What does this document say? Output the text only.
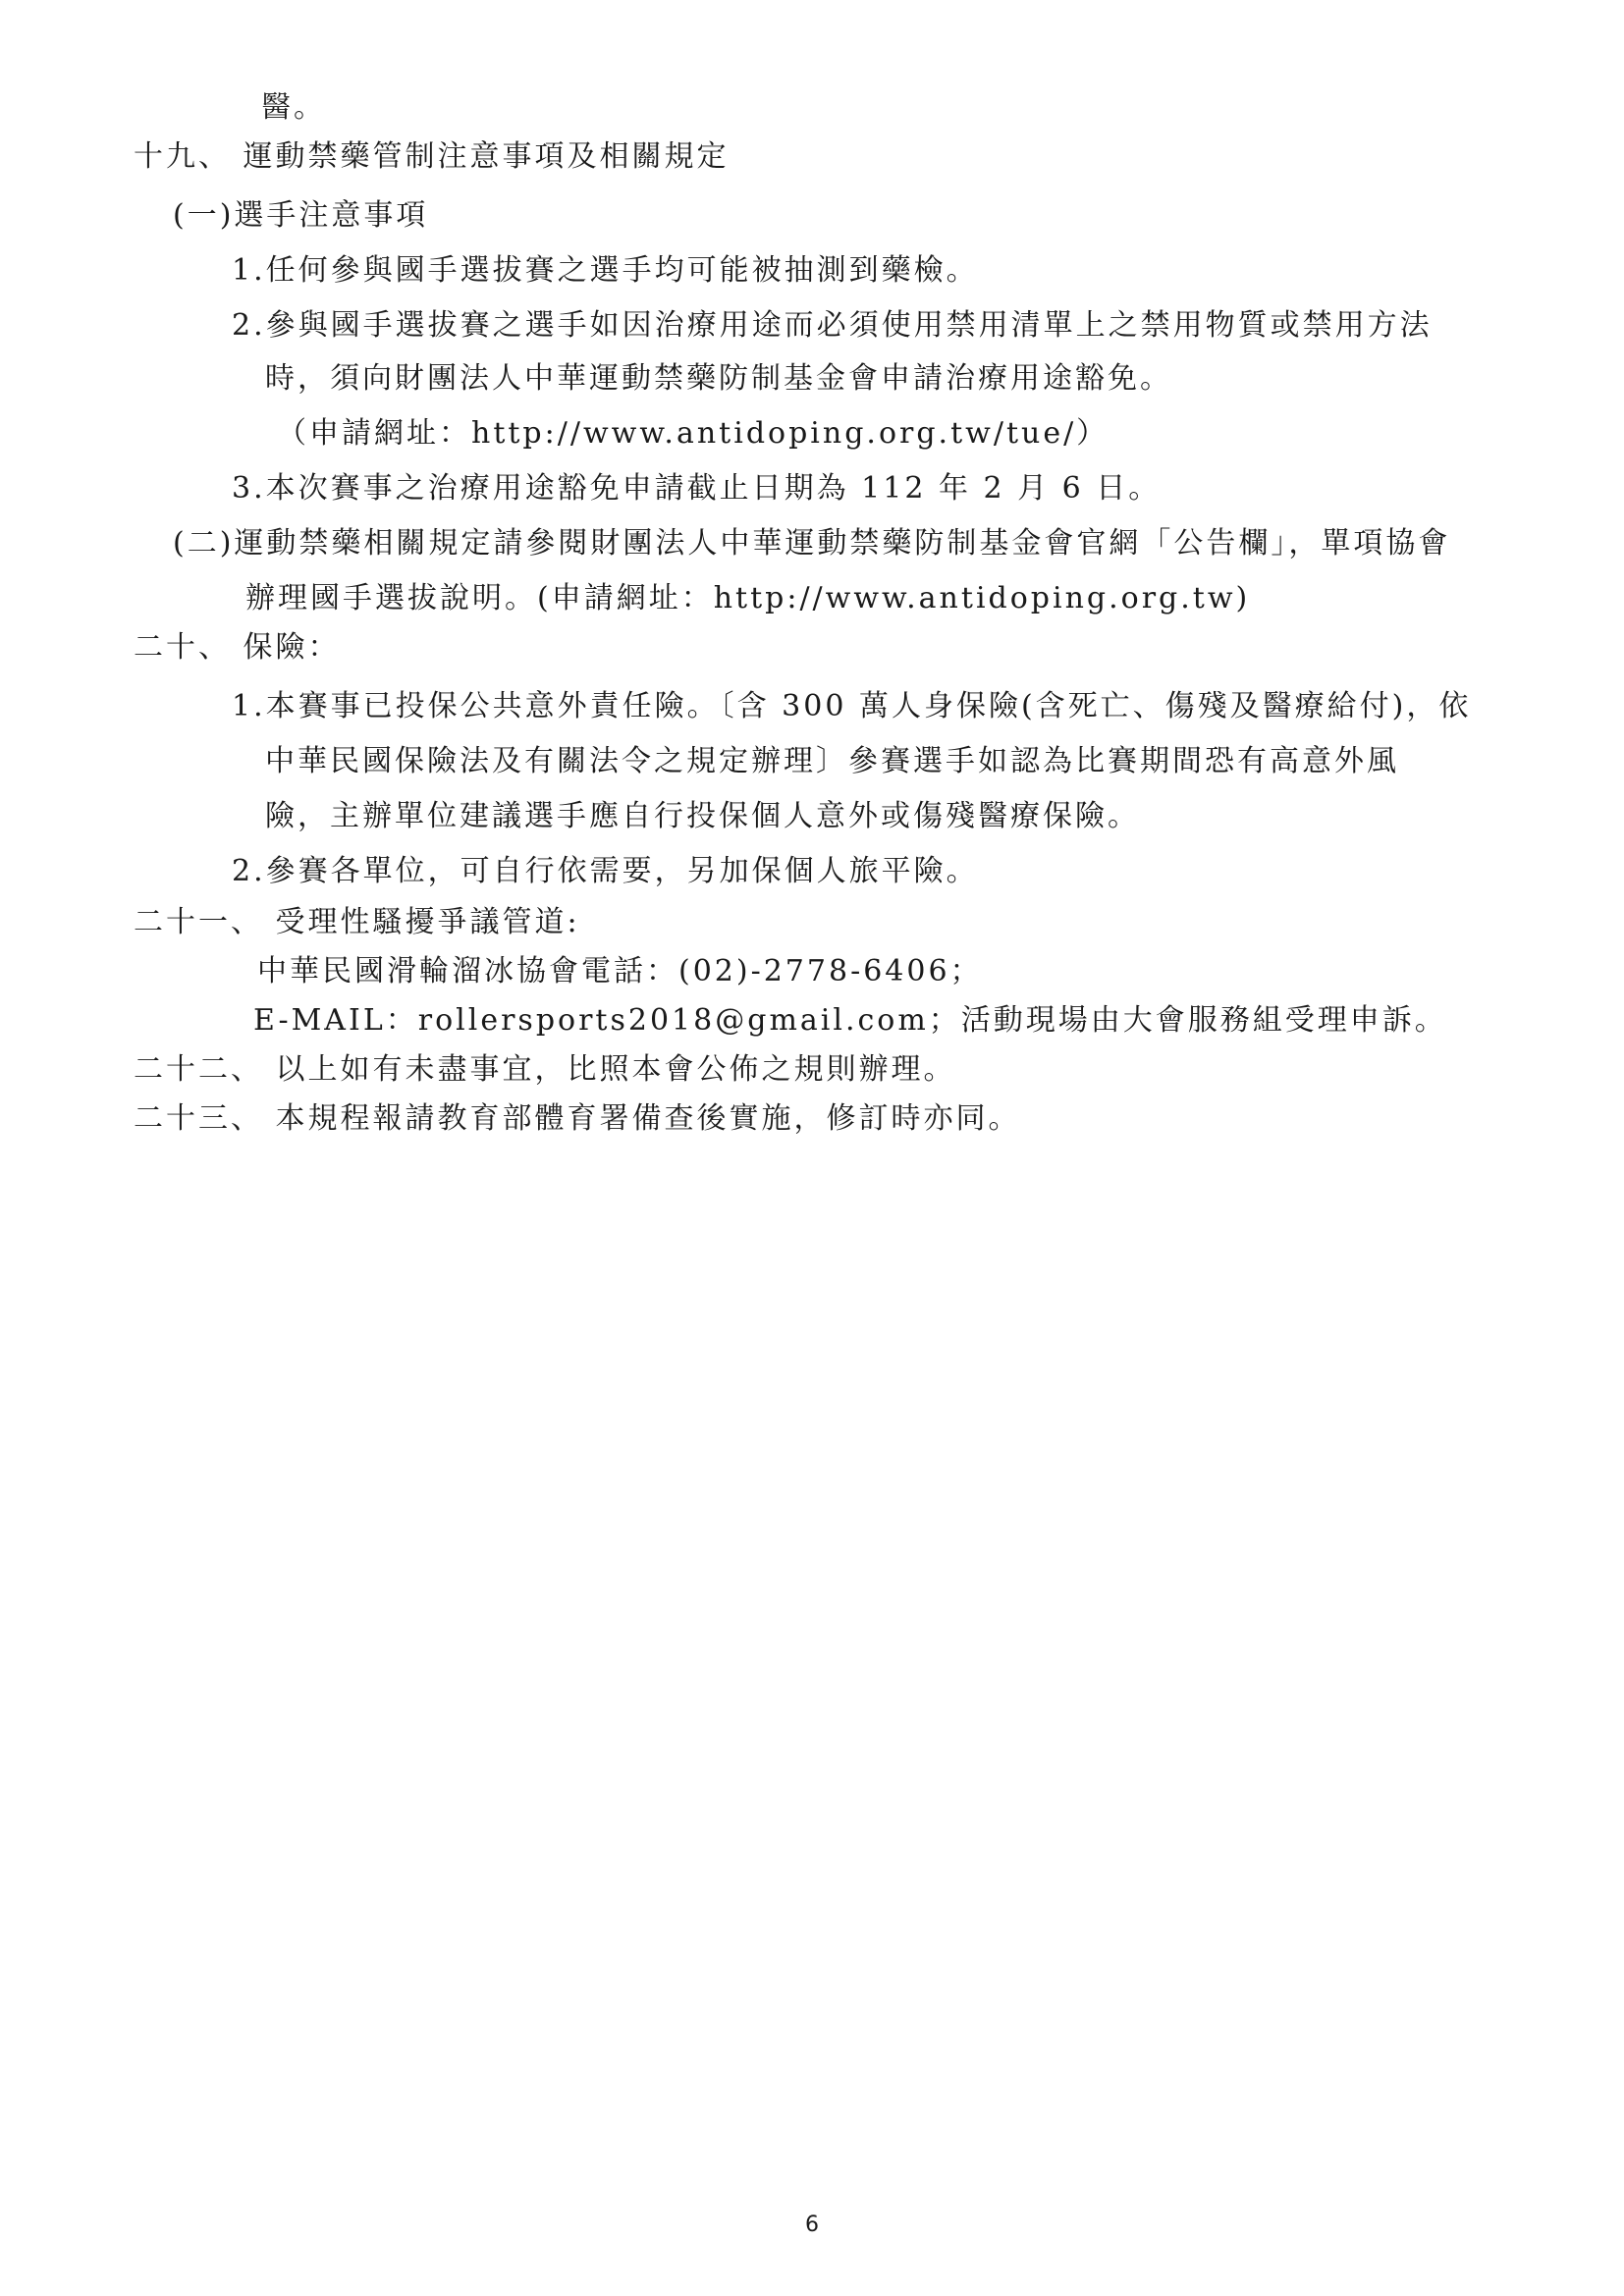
醫。
十九、 運動禁藥管制注意事項及相關規定
(一)選手注意事項
1.任何參與國手選拔賽之選手均可能被抽測到藥檢。
2.參與國手選拔賽之選手如因治療用途而必須使用禁用清單上之禁用物質或禁用方法
時，須向財團法人中華運動禁藥防制基金會申請治療用途豁免。
（申請網址：http://www.antidoping.org.tw/tue/）
3.本次賽事之治療用途豁免申請截止日期為 112 年 2 月 6 日。
(二)運動禁藥相關規定請參閱財團法人中華運動禁藥防制基金會官網「公告欄」，單項協會
辦理國手選拔說明。(申請網址：http://www.antidoping.org.tw)
二十、 保險：
1.本賽事已投保公共意外責任險。〔含 300 萬人身保險(含死亡、傷殘及醫療給付)，依
中華民國保險法及有關法令之規定辦理〕參賽選手如認為比賽期間恐有高意外風
險，主辦單位建議選手應自行投保個人意外或傷殘醫療保險。
2.參賽各單位，可自行依需要，另加保個人旅平險。
二十一、 受理性騷擾爭議管道:
中華民國滑輪溜冰協會電話：(02)-2778-6406；
E-MAIL：rollersports2018@gmail.com；活動現場由大會服務組受理申訴。
二十二、 以上如有未盡事宜，比照本會公佈之規則辦理。
二十三、 本規程報請教育部體育署備查後實施，修訂時亦同。
6
